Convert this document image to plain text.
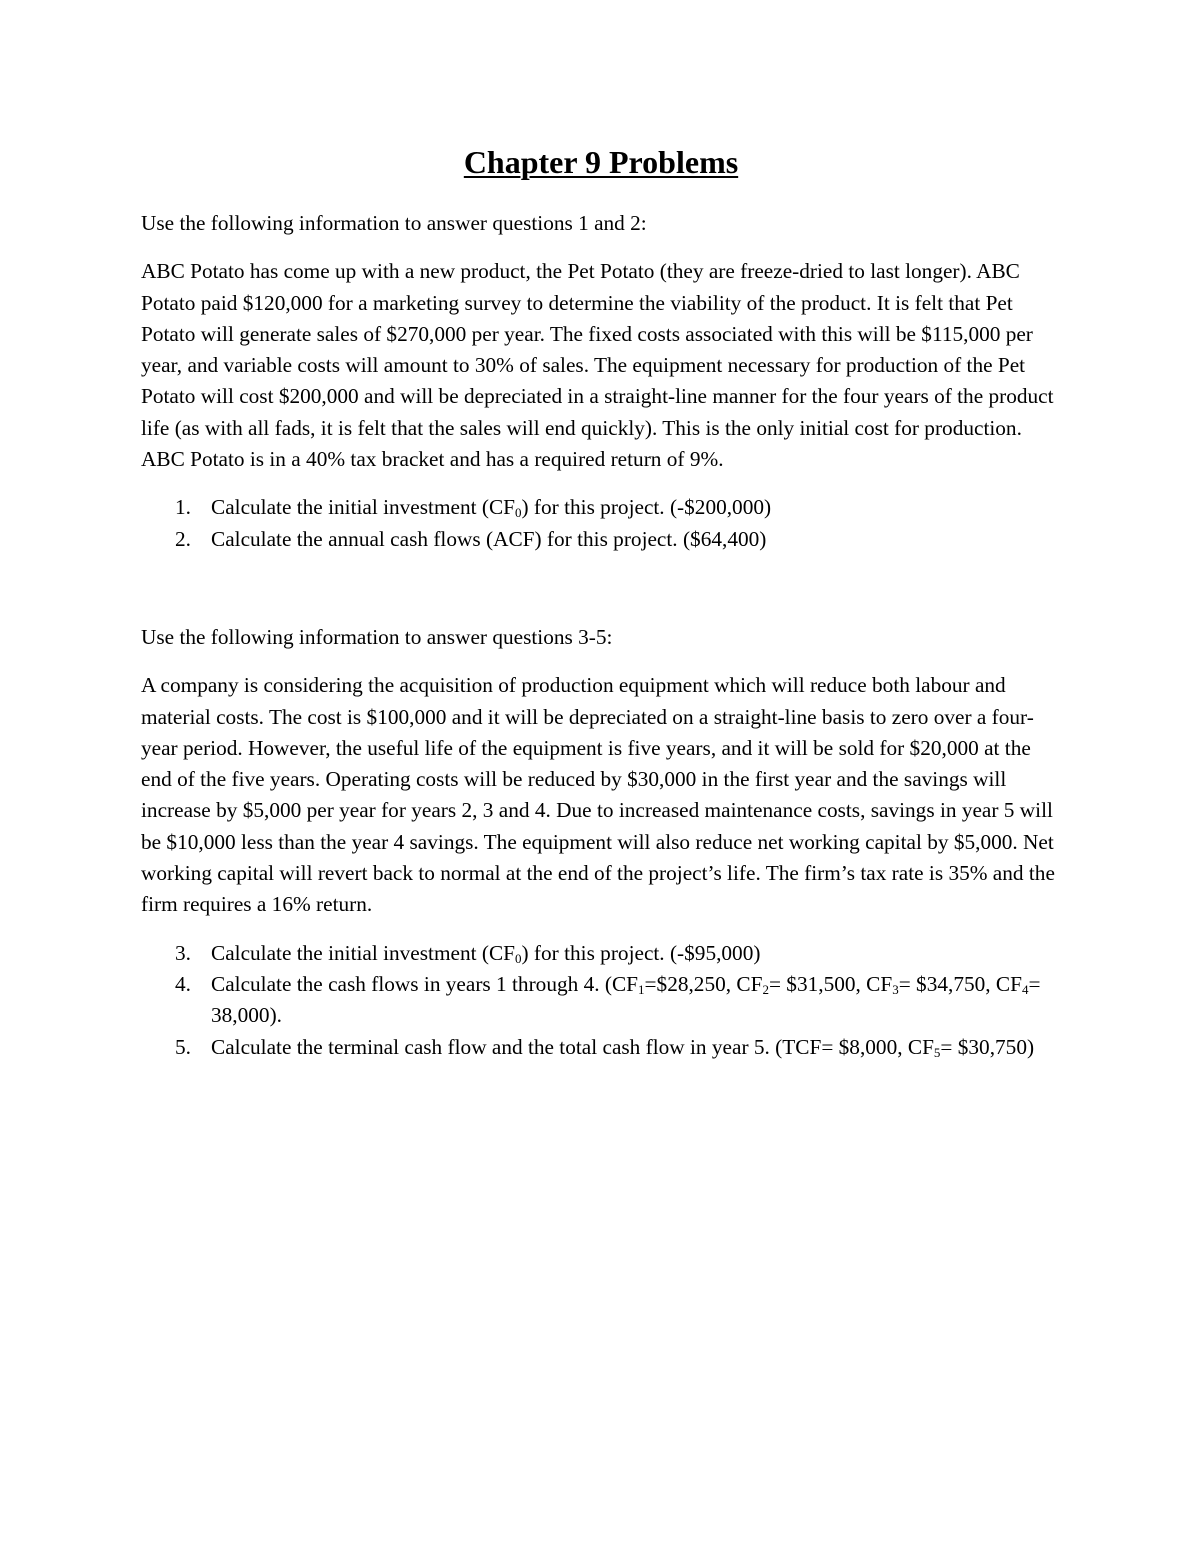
Chapter 9 Problems

Use the following information to answer questions 1 and 2:

ABC Potato has come up with a new product, the Pet Potato (they are freeze-dried to last longer). ABC Potato paid $120,000 for a marketing survey to determine the viability of the product. It is felt that Pet Potato will generate sales of $270,000 per year. The fixed costs associated with this will be $115,000 per year, and variable costs will amount to 30% of sales. The equipment necessary for production of the Pet Potato will cost $200,000 and will be depreciated in a straight-line manner for the four years of the product life (as with all fads, it is felt that the sales will end quickly). This is the only initial cost for production. ABC Potato is in a 40% tax bracket and has a required return of 9%.

1. Calculate the initial investment $(CF_0)$ for this project. (-$200,000)
2. Calculate the annual cash flows (ACF) for this project. ($64,400)

Use the following information to answer questions 3-5:

A company is considering the acquisition of production equipment which will reduce both labour and material costs. The cost is $100,000 and it will be depreciated on a straight-line basis to zero over a four-year period. However, the useful life of the equipment is five years, and it will be sold for $20,000 at the end of the five years. Operating costs will be reduced by $30,000 in the first year and the savings will increase by $5,000 per year for years 2, 3 and 4. Due to increased maintenance costs, savings in year 5 will be $10,000 less than the year 4 savings. The equipment will also reduce net working capital by $5,000. Net working capital will revert back to normal at the end of the project’s life. The firm’s tax rate is 35% and the firm requires a 16% return.

3. Calculate the initial investment $(CF_0)$ for this project. (-$95,000)
4. Calculate the cash flows in years 1 through 4. ($CF_1=\$28,250$, $CF_2=$ $31,500, $CF_3=$ $34,750, $CF_4= 38,000$).
5. Calculate the terminal cash flow and the total cash flow in year 5. (TCF= $8,000, $CF_5=$ $30,750)
